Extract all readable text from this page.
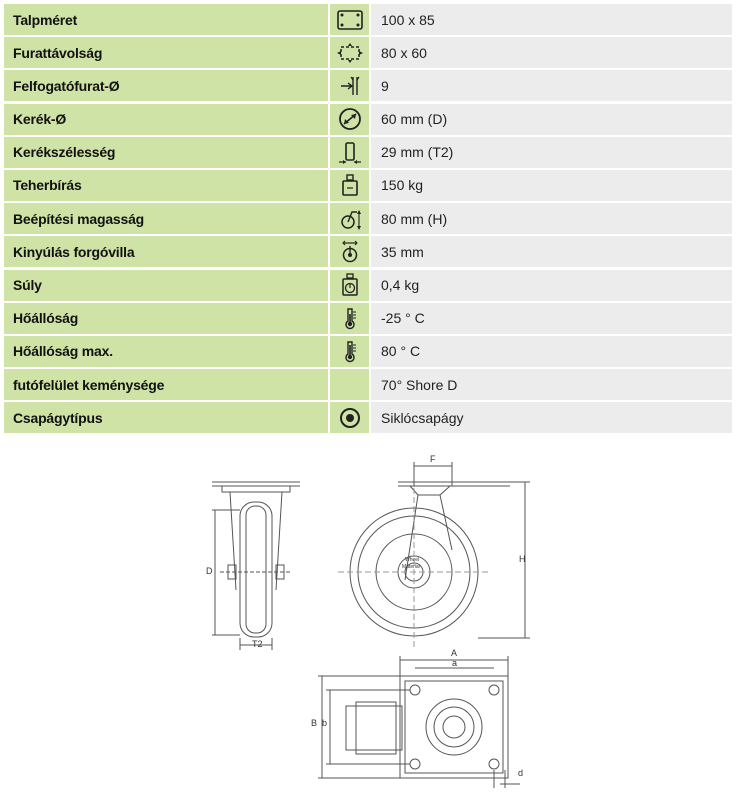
Talpméret	100 x 85
Furattávolság	80 x 60
Felfogatófurat-Ø	9
Kerék-Ø	60 mm (D)
Kerékszélesség	29 mm (T2)
Teherbírás	150 kg
Beépítési magasság	80 mm (H)
Kinyúlás forgóvilla	35 mm
Súly	0,4 kg
Hőállóság	-25 ° C
Hőállóság max.	80 ° C
futófelület keménysége	70° Shore D
Csapágytípus	Siklócsapágy
D
T2
F
H
A
a
B b
d
Wheel
Material
